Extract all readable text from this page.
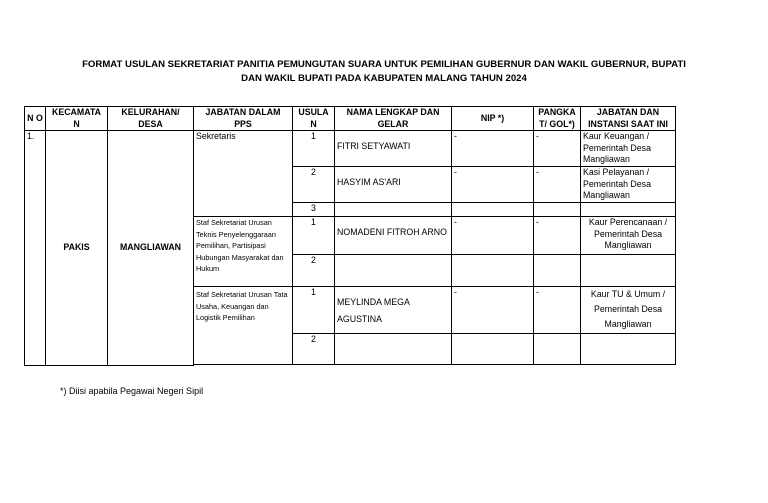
FORMAT USULAN SEKRETARIAT PANITIA PEMUNGUTAN SUARA UNTUK PEMILIHAN GUBERNUR DAN WAKIL GUBERNUR, BUPATI
DAN WAKIL BUPATI PADA KABUPATEN MALANG TAHUN 2024
N O	KECAMATA N	KELURAHAN/ DESA	JABATAN DALAM PPS	USULA N	NAMA LENGKAP DAN GELAR	NIP *)	PANGKA T/ GOL*)	JABATAN DAN INSTANSI SAAT INI
1.	PAKIS	MANGLIAWAN	Sekretaris	1	FITRI SETYAWATI	-	-	Kaur Keuangan / Pemerintah Desa Mangliawan
				2	HASYIM AS'ARI	-	-	Kasi Pelayanan / Pemerintah Desa Mangliawan
				3				
			Staf Sekretariat Urusan Teknis Penyelenggaraan Pemilihan, Partisipasi Hubungan Masyarakat dan Hukum	1	NOMADENI FITROH ARNO	-	-	Kaur Perencanaan / Pemerintah Desa Mangliawan
				2				
			Staf Sekretariat Urusan Tata Usaha, Keuangan dan Logistik Pemilihan	1	MEYLINDA MEGA AGUSTINA	-	-	Kaur TU & Umum / Pemerintah Desa Mangliawan
				2				

*) Diisi apabila Pegawai Negeri Sipil
